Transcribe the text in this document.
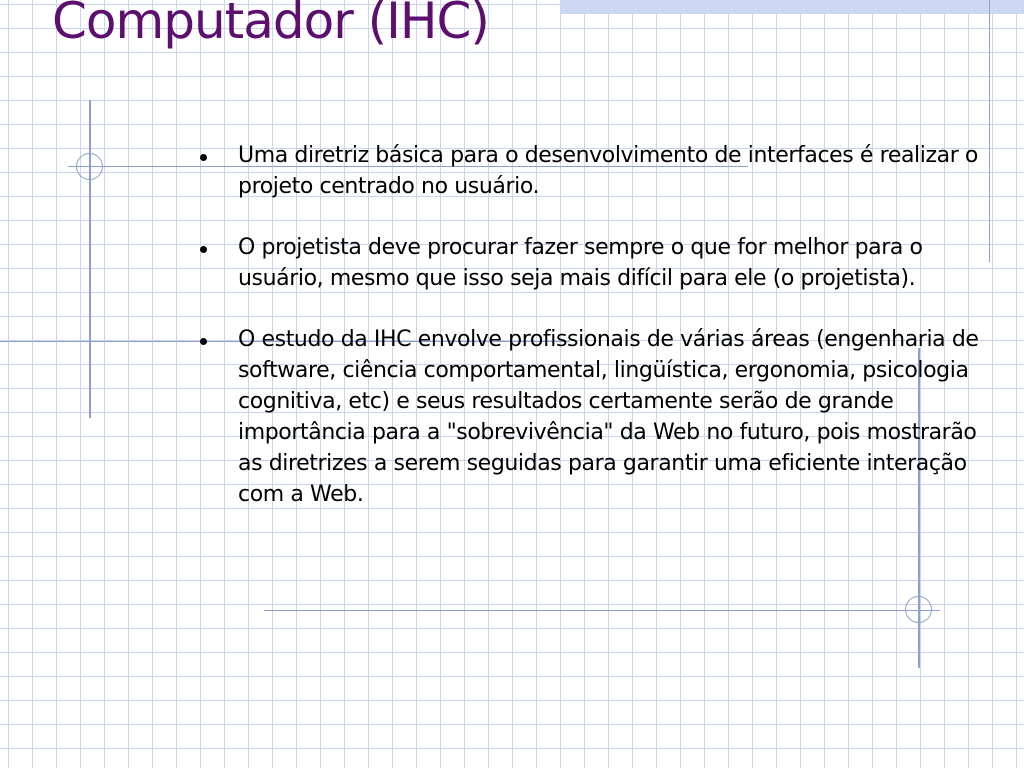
Computador (IHC)
Uma diretriz básica para o desenvolvimento de interfaces é realizar o projeto centrado no usuário.
O projetista deve procurar fazer sempre o que for melhor para o usuário, mesmo que isso seja mais difícil para ele (o projetista).
O estudo da IHC envolve profissionais de várias áreas (engenharia de software, ciência comportamental, lingüística, ergonomia, psicologia cognitiva, etc) e seus resultados certamente serão de grande importância para a "sobrevivência" da Web no futuro, pois mostrarão as diretrizes a serem seguidas para garantir uma eficiente interação com a Web.
